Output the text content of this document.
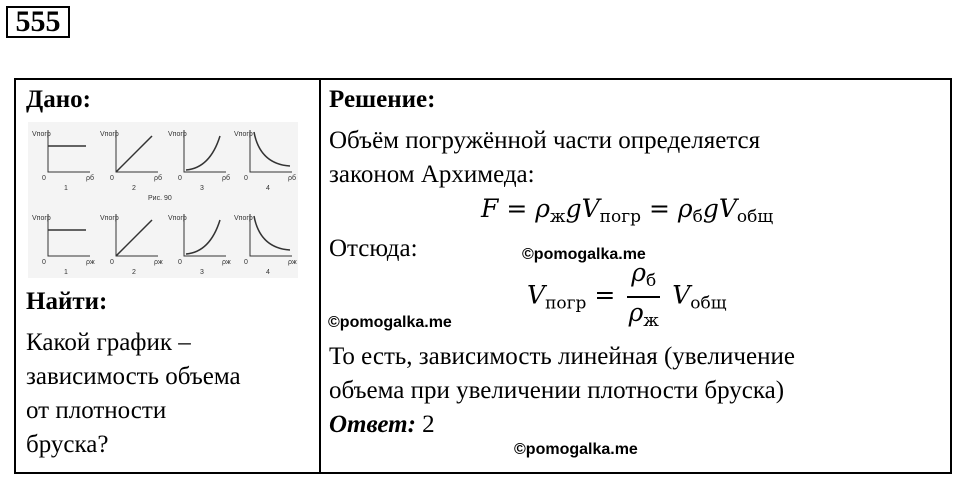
555
Дано:
Vпогр	Vпогр	Vпогр	Vпогр
0	0	0	0
ρб	ρб	ρб	ρб
1	2	3	4
Рис. 90
Vпогр	Vпогр	Vпогр	Vпогр
0	0	0	0
ρж	ρж	ρж	ρж
1	2	3	4
Найти:
Какой график –
зависимость объема
от плотности
бруска?
Решение:
Объём погружённой части определяется
законом Архимеда:
$F = \rho_жgV_{погр} = \rho_бgV_{общ}$
Отсюда:
$V_{погр} = \frac{\rho_б}{\rho_ж} V_{общ}$
То есть, зависимость линейная (увеличение
объема при увеличении плотности бруска)
Ответ: 2
©pomogalka.me
©pomogalka.me
©pomogalka.me
